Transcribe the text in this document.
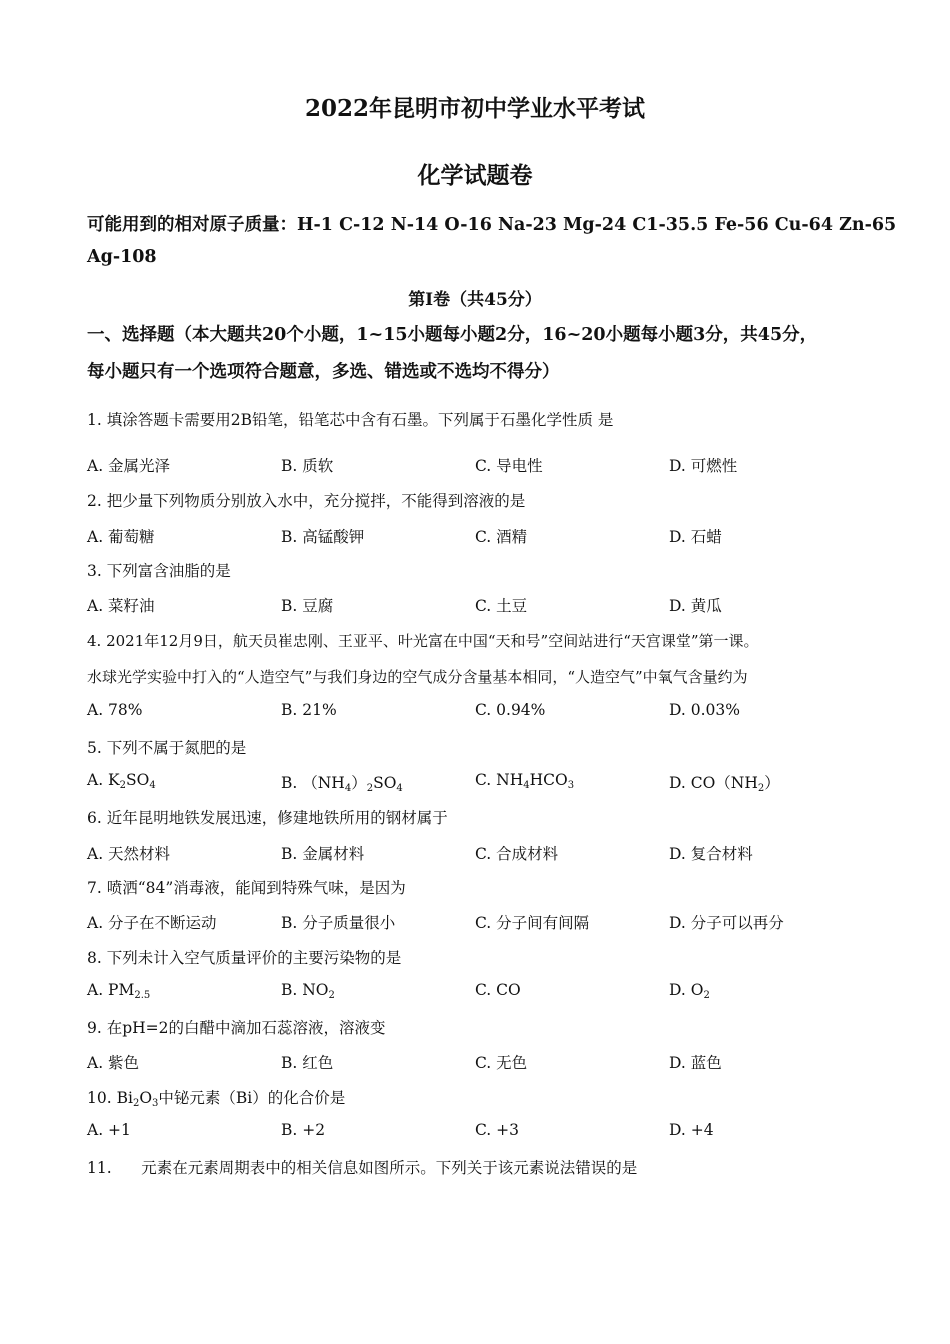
2022年昆明市初中学业水平考试
化学试题卷
可能用到的相对原子质量：H-1 C-12 N-14 O-16 Na-23 Mg-24 C1-35.5 Fe-56 Cu-64 Zn-65
Ag-108
第Ⅰ卷（共45分）
一、选择题（本大题共20个小题，1~15小题每小题2分，16~20小题每小题3分，共45分，
每小题只有一个选项符合题意，多选、错选或不选均不得分）
1. 填涂答题卡需要用2B铅笔，铅笔芯中含有石墨。下列属于石墨化学性质 是
A. 金属光泽	B. 质软	C. 导电性	D. 可燃性
2. 把少量下列物质分别放入水中，充分搅拌，不能得到溶液的是
A. 葡萄糖	B. 高锰酸钾	C. 酒精	D. 石蜡
3. 下列富含油脂的是
A. 菜籽油	B. 豆腐	C. 土豆	D. 黄瓜
4. 2021年12月9日，航天员崔忠刚、王亚平、叶光富在中国“天和号”空间站进行“天宫课堂”第一课。
水球光学实验中打入的“人造空气”与我们身边的空气成分含量基本相同，“人造空气”中氧气含量约为
A. 78%	B. 21%	C. 0.94%	D. 0.03%
5. 下列不属于氮肥的是
A. $K_2SO_4$	B. $(NH_4)_2SO_4$	C. $NH_4HCO_3$	D. $CO(NH_2)$
6. 近年昆明地铁发展迅速，修建地铁所用的钢材属于
A. 天然材料	B. 金属材料	C. 合成材料	D. 复合材料
7. 喷洒“84”消毒液，能闻到特殊气味，是因为
A. 分子在不断运动	B. 分子质量很小	C. 分子间有间隔	D. 分子可以再分
8. 下列未计入空气质量评价的主要污染物的是
A. $PM_{2.5}$	B. $NO_2$	C. CO	D. $O_2$
9. 在pH=2的白醋中滴加石蕊溶液，溶液变
A. 紫色	B. 红色	C. 无色	D. 蓝色
10. $Bi_2O_3$中铋元素（Bi）的化合价是
A. +1	B. +2	C. +3	D. +4
11.      元素在元素周期表中的相关信息如图所示。下列关于该元素说法错误的是
